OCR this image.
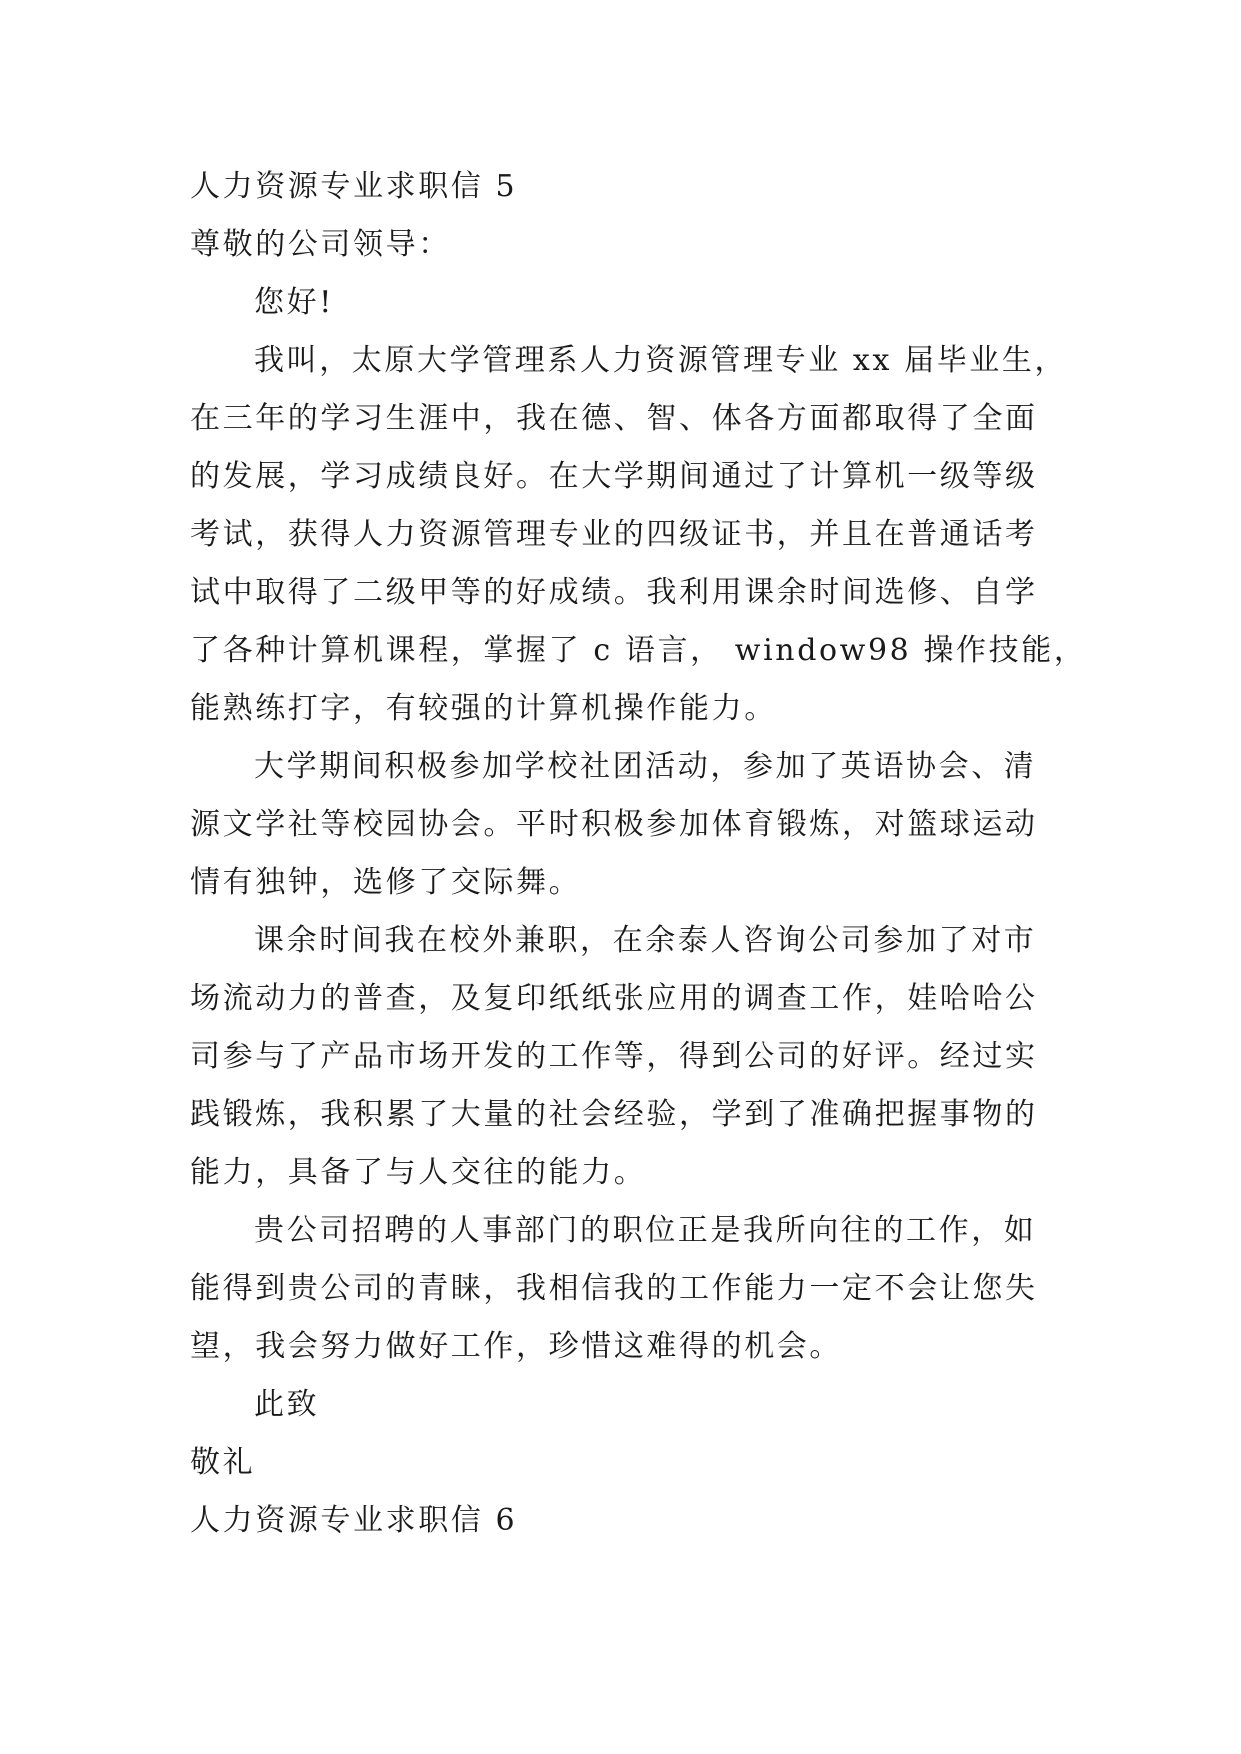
人力资源专业求职信 5
尊敬的公司领导：
您好!
我叫，太原大学管理系人力资源管理专业 xx 届毕业生，
在三年的学习生涯中，我在德、智、体各方面都取得了全面
的发展，学习成绩良好。在大学期间通过了计算机一级等级
考试，获得人力资源管理专业的四级证书，并且在普通话考
试中取得了二级甲等的好成绩。我利用课余时间选修、自学
了各种计算机课程，掌握了 c 语言， window98 操作技能，
能熟练打字，有较强的计算机操作能力。
大学期间积极参加学校社团活动，参加了英语协会、清
源文学社等校园协会。平时积极参加体育锻炼，对篮球运动
情有独钟，选修了交际舞。
课余时间我在校外兼职，在余泰人咨询公司参加了对市
场流动力的普查，及复印纸纸张应用的调查工作，娃哈哈公
司参与了产品市场开发的工作等，得到公司的好评。经过实
践锻炼，我积累了大量的社会经验，学到了准确把握事物的
能力，具备了与人交往的能力。
贵公司招聘的人事部门的职位正是我所向往的工作，如
能得到贵公司的青睐，我相信我的工作能力一定不会让您失
望，我会努力做好工作，珍惜这难得的机会。
此致
敬礼
人力资源专业求职信 6
